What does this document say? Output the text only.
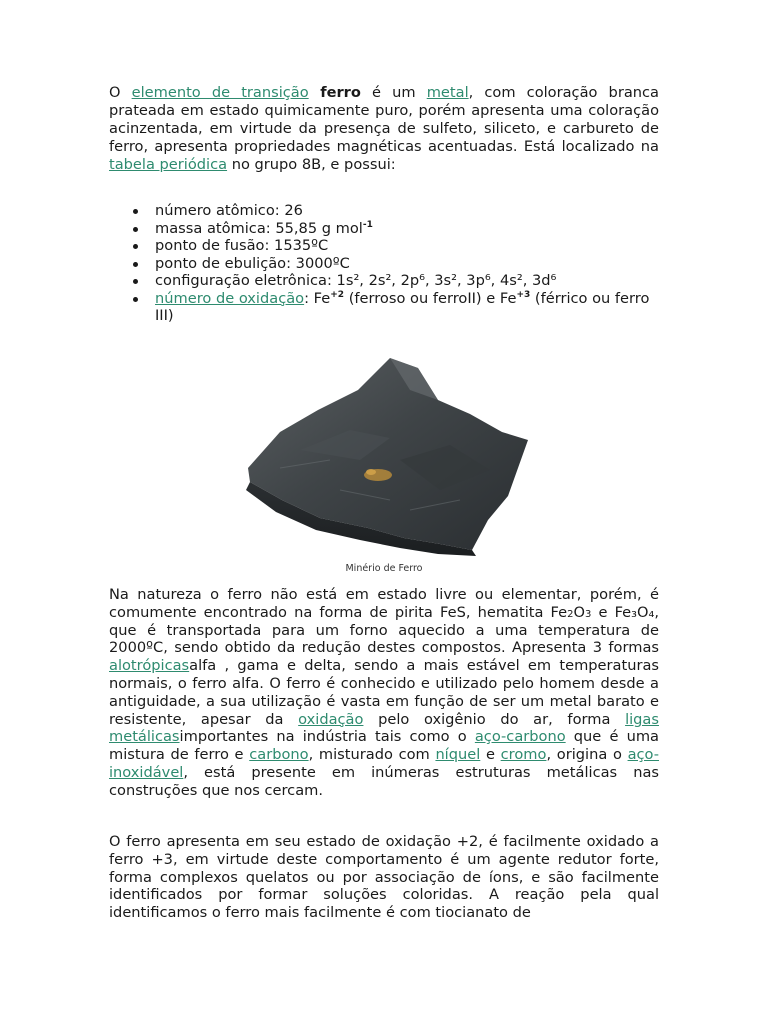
O elemento de transição ferro é um metal, com coloração branca prateada em estado quimicamente puro, porém apresenta uma coloração acinzentada, em virtude da presença de sulfeto, siliceto, e carbureto de ferro, apresenta propriedades magnéticas acentuadas. Está localizado na tabela periódica no grupo 8B, e possui:

número atômico: 26
massa atômica: 55,85 g mol$^{-1}$
ponto de fusão: 1535ºC
ponto de ebulição: 3000ºC
configuração eletrônica: 1s², 2s², 2p⁶, 3s², 3p⁶, 4s², 3d⁶
número de oxidação: $Fe^{+2}$ (ferroso ou ferroII) e $Fe^{+3}$ (férrico ou ferro III)
Minério de Ferro

Na natureza o ferro não está em estado livre ou elementar, porém, é comumente encontrado na forma de pirita FeS, hematita Fe2O3 e Fe₃O₄, que é transportada para um forno aquecido a uma temperatura de 2000ºC, sendo obtido da redução destes compostos. Apresenta 3 formas alotrópicasalfa , gama e delta, sendo a mais estável em temperaturas normais, o ferro alfa. O ferro é conhecido e utilizado pelo homem desde a antiguidade, a sua utilização é vasta em função de ser um metal barato e resistente, apesar da oxidação pelo oxigênio do ar, forma ligas metálicasimportantes na indústria tais como o aço-carbono que é uma mistura de ferro e carbono, misturado com níquel e cromo, origina o aço-inoxidável, está presente em inúmeras estruturas metálicas nas construções que nos cercam.

O ferro apresenta em seu estado de oxidação +2, é facilmente oxidado a ferro +3, em virtude deste comportamento é um agente redutor forte, forma complexos quelatos ou por associação de íons, e são facilmente identificados por formar soluções coloridas. A reação pela qual identificamos o ferro mais facilmente é com tiocianato de
